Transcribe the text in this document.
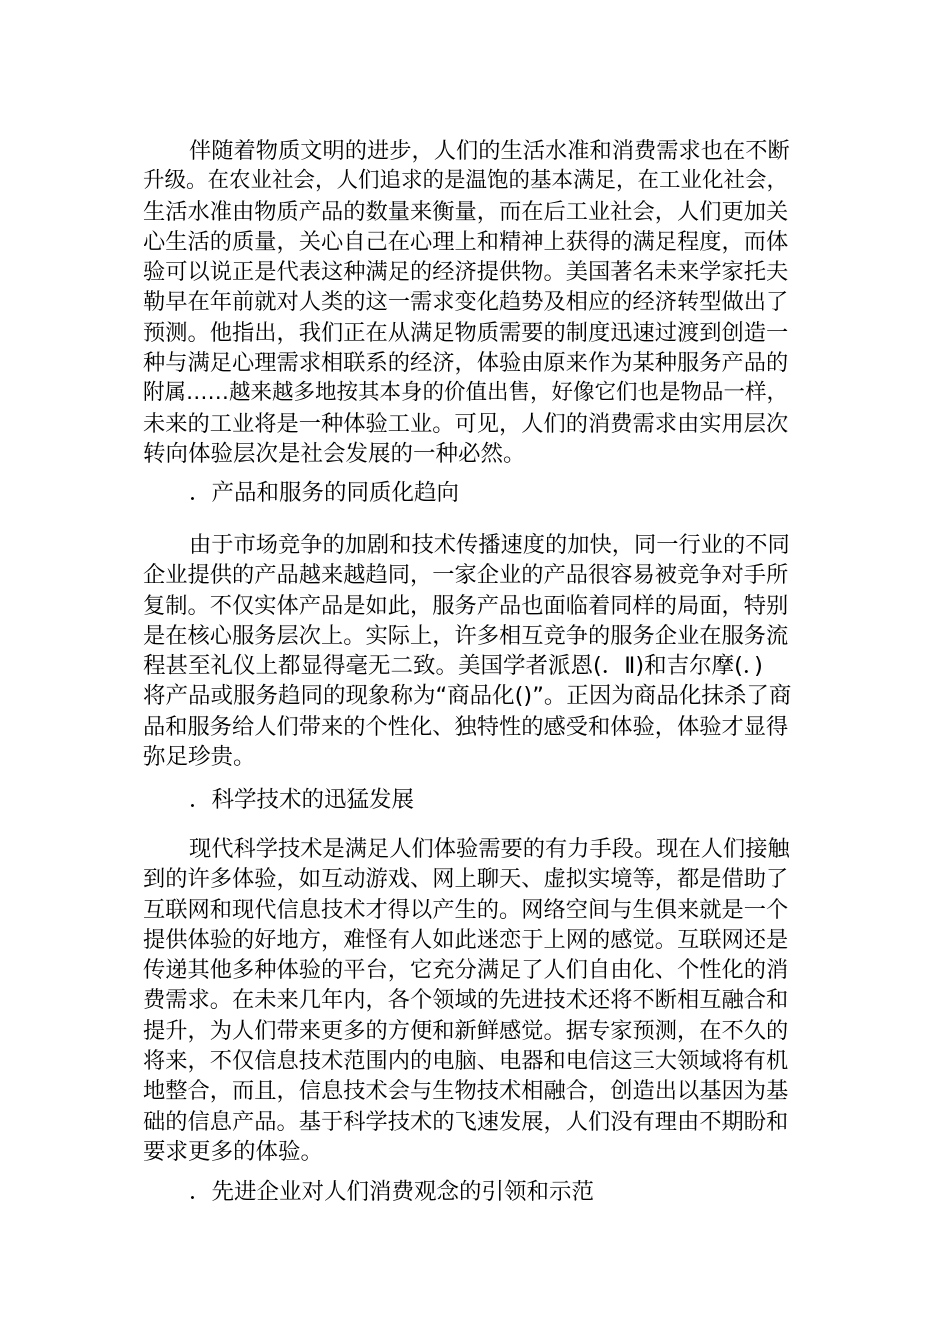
伴随着物质文明的进步，人们的生活水准和消费需求也在不断
升级。在农业社会，人们追求的是温饱的基本满足，在工业化社会，
生活水准由物质产品的数量来衡量，而在后工业社会，人们更加关
心生活的质量，关心自己在心理上和精神上获得的满足程度，而体
验可以说正是代表这种满足的经济提供物。美国著名未来学家托夫
勒早在年前就对人类的这一需求变化趋势及相应的经济转型做出了
预测。他指出，我们正在从满足物质需要的制度迅速过渡到创造一
种与满足心理需求相联系的经济，体验由原来作为某种服务产品的
附属……越来越多地按其本身的价值出售，好像它们也是物品一样，
未来的工业将是一种体验工业。可见，人们的消费需求由实用层次
转向体验层次是社会发展的一种必然。
．产品和服务的同质化趋向
由于市场竞争的加剧和技术传播速度的加快，同一行业的不同
企业提供的产品越来越趋同，一家企业的产品很容易被竞争对手所
复制。不仅实体产品是如此，服务产品也面临着同样的局面，特别
是在核心服务层次上。实际上，许多相互竞争的服务企业在服务流
程甚至礼仪上都显得毫无二致。美国学者派恩(．Ⅱ)和吉尔摩(．)
将产品或服务趋同的现象称为“商品化()”。正因为商品化抹杀了商
品和服务给人们带来的个性化、独特性的感受和体验，体验才显得
弥足珍贵。
．科学技术的迅猛发展
现代科学技术是满足人们体验需要的有力手段。现在人们接触
到的许多体验，如互动游戏、网上聊天、虚拟实境等，都是借助了
互联网和现代信息技术才得以产生的。网络空间与生俱来就是一个
提供体验的好地方，难怪有人如此迷恋于上网的感觉。互联网还是
传递其他多种体验的平台，它充分满足了人们自由化、个性化的消
费需求。在未来几年内，各个领域的先进技术还将不断相互融合和
提升，为人们带来更多的方便和新鲜感觉。据专家预测，在不久的
将来，不仅信息技术范围内的电脑、电器和电信这三大领域将有机
地整合，而且，信息技术会与生物技术相融合，创造出以基因为基
础的信息产品。基于科学技术的飞速发展，人们没有理由不期盼和
要求更多的体验。
．先进企业对人们消费观念的引领和示范
